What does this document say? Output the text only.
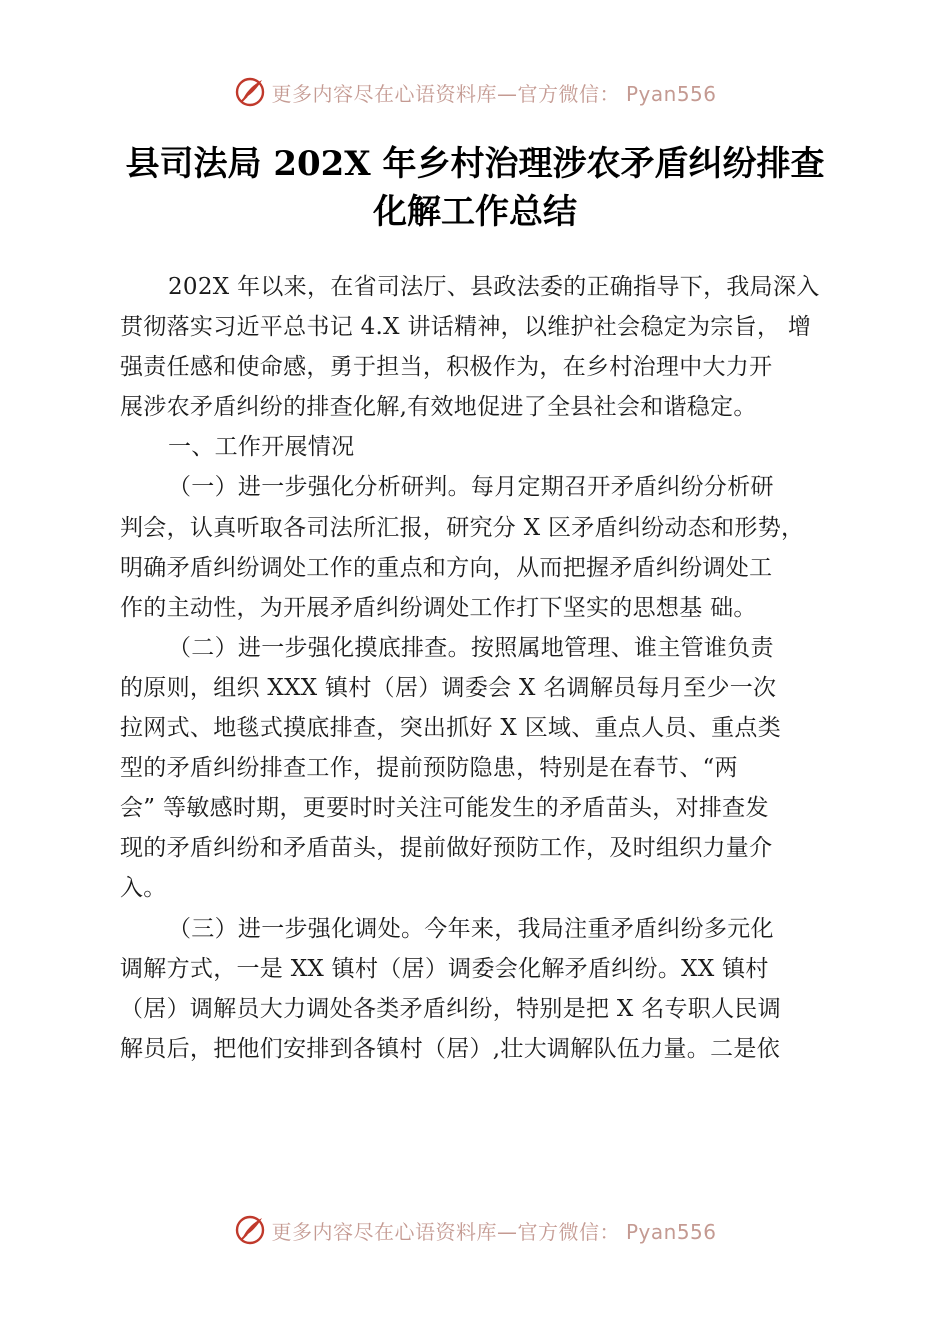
更多内容尽在心语资料库—官方微信： Pyan556
县司法局 202X 年乡村治理涉农矛盾纠纷排查
化解工作总结
202X 年以来，在省司法厅、县政法委的正确指导下，我局深入
贯彻落实习近平总书记 4.X 讲话精神，以维护社会稳定为宗旨， 增
强责任感和使命感，勇于担当，积极作为，在乡村治理中大力开
展涉农矛盾纠纷的排查化解,有效地促进了全县社会和谐稳定。
一、工作开展情况
（一）进一步强化分析研判。每月定期召开矛盾纠纷分析研
判会，认真听取各司法所汇报，研究分 X 区矛盾纠纷动态和形势，
明确矛盾纠纷调处工作的重点和方向，从而把握矛盾纠纷调处工
作的主动性，为开展矛盾纠纷调处工作打下坚实的思想基 础。
（二）进一步强化摸底排查。按照属地管理、谁主管谁负责
的原则，组织 XXX 镇村（居）调委会 X 名调解员每月至少一次
拉网式、地毯式摸底排查，突出抓好 X 区域、重点人员、重点类
型的矛盾纠纷排查工作，提前预防隐患，特别是在春节、“两
会” 等敏感时期，更要时时关注可能发生的矛盾苗头，对排查发
现的矛盾纠纷和矛盾苗头，提前做好预防工作，及时组织力量介
入。
（三）进一步强化调处。今年来，我局注重矛盾纠纷多元化
调解方式，一是 XX 镇村（居）调委会化解矛盾纠纷。XX 镇村
（居）调解员大力调处各类矛盾纠纷，特别是把 X 名专职人民调
解员后，把他们安排到各镇村（居）,壮大调解队伍力量。二是依
更多内容尽在心语资料库—官方微信： Pyan556
